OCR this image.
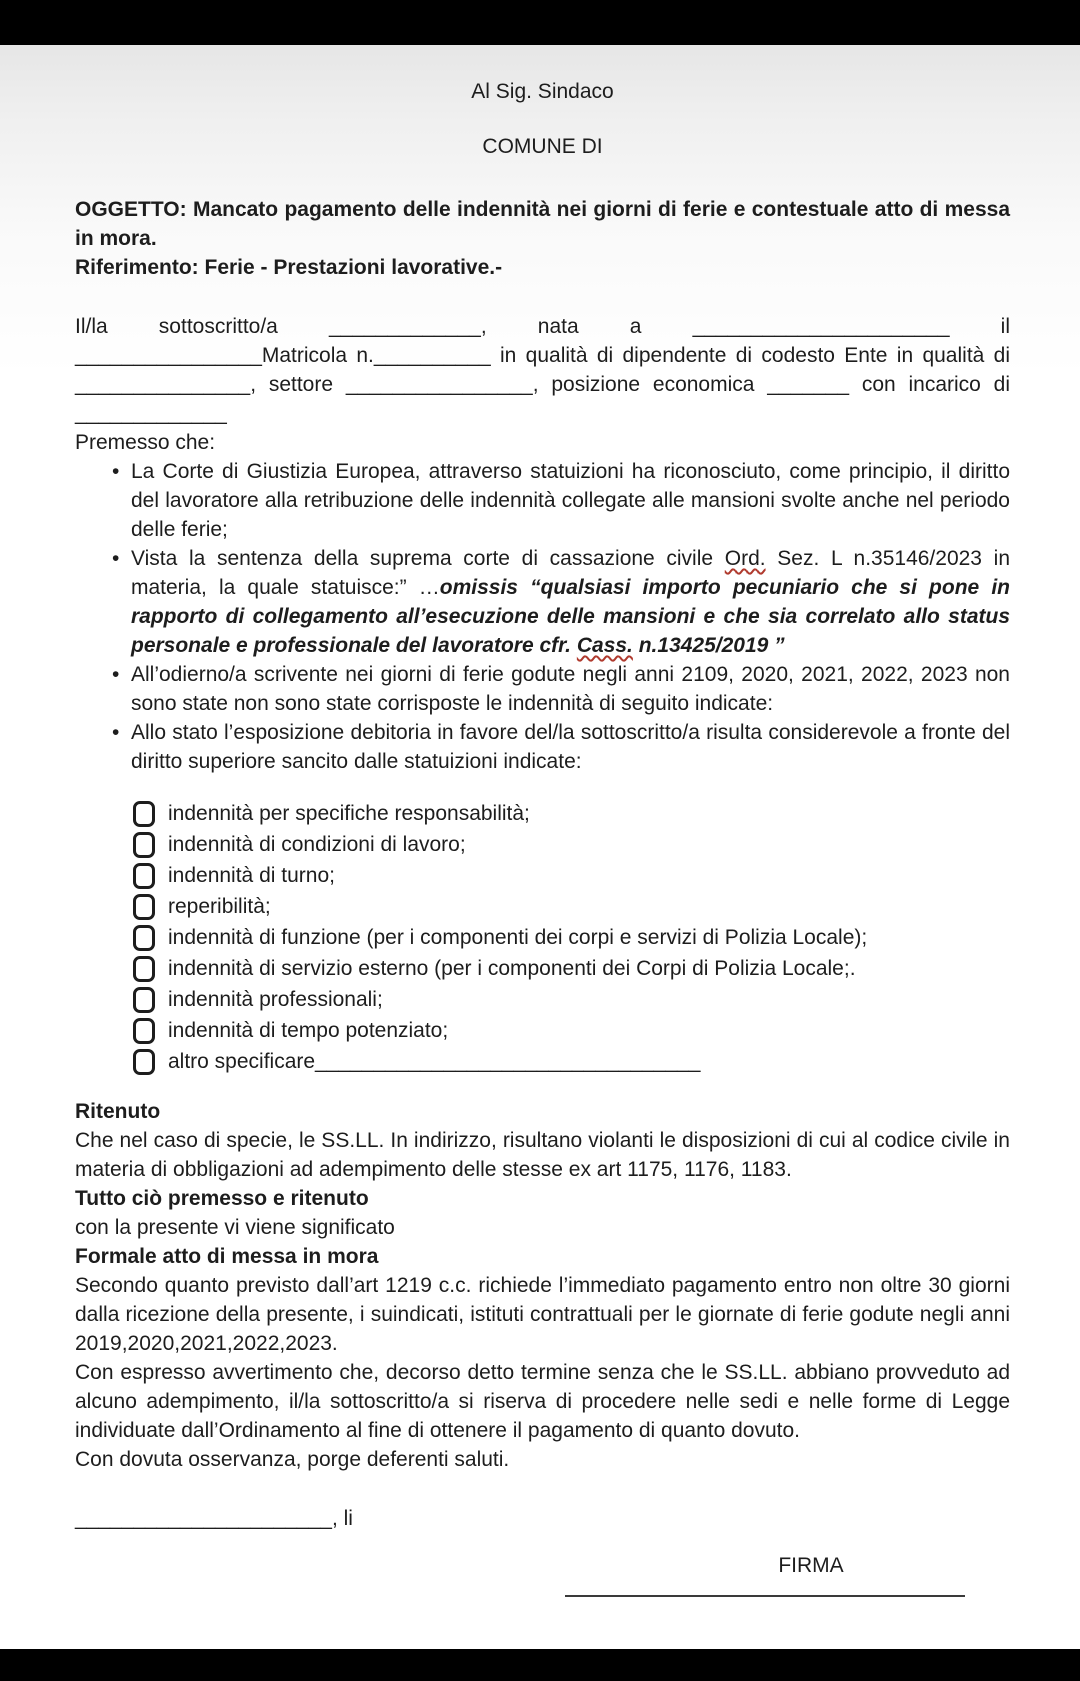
Al Sig. Sindaco

COMUNE DI

OGGETTO: Mancato pagamento delle indennità nei giorni di ferie e contestuale atto di messa in mora.

Riferimento: Ferie - Prestazioni lavorative.-

Il/la sottoscritto/a _____________, nata a ______________________ il ________________Matricola n.__________ in qualità di dipendente di codesto Ente in qualità di _______________, settore ________________, posizione economica _______ con incarico di _____________

Premesso che:

• La Corte di Giustizia Europea, attraverso statuizioni ha riconosciuto, come principio, il diritto del lavoratore alla retribuzione delle indennità collegate alle mansioni svolte anche nel periodo delle ferie;
• Vista la sentenza della suprema corte di cassazione civile Ord. Sez. L n.35146/2023 in materia, la quale statuisce:” …omissis “qualsiasi importo pecuniario che si pone in rapporto di collegamento all’esecuzione delle mansioni e che sia correlato allo status personale e professionale del lavoratore cfr. Cass. n.13425/2019 ”
• All’odierno/a scrivente nei giorni di ferie godute negli anni 2109, 2020, 2021, 2022, 2023 non sono state non sono state corrisposte le indennità di seguito indicate:
• Allo stato l’esposizione debitoria in favore del/la sottoscritto/a risulta considerevole a fronte del diritto superiore sancito dalle statuizioni indicate:
indennità per specifiche responsabilità;
indennità di condizioni di lavoro;
indennità di turno;
reperibilità;
indennità di funzione (per i componenti dei corpi e servizi di Polizia Locale);
indennità di servizio esterno (per i componenti dei Corpi di Polizia Locale;.
indennità professionali;
indennità di tempo potenziato;
altro specificare_________________________________

Ritenuto

Che nel caso di specie, le SS.LL. In indirizzo, risultano violanti le disposizioni di cui al codice civile in materia di obbligazioni ad adempimento delle stesse ex art 1175, 1176, 1183.

Tutto ciò premesso e ritenuto

con la presente vi viene significato

Formale atto di messa in mora

Secondo quanto previsto dall’art 1219 c.c. richiede l’immediato pagamento entro non oltre 30 giorni dalla ricezione della presente, i suindicati, istituti contrattuali per le giornate di ferie godute negli anni 2019,2020,2021,2022,2023.

Con espresso avvertimento che, decorso detto termine senza che le SS.LL. abbiano provveduto ad alcuno adempimento, il/la sottoscritto/a si riserva di procedere nelle sedi e nelle forme di Legge individuate dall’Ordinamento al fine di ottenere il pagamento di quanto dovuto.

Con dovuta osservanza, porge deferenti saluti.

______________________, li

FIRMA
